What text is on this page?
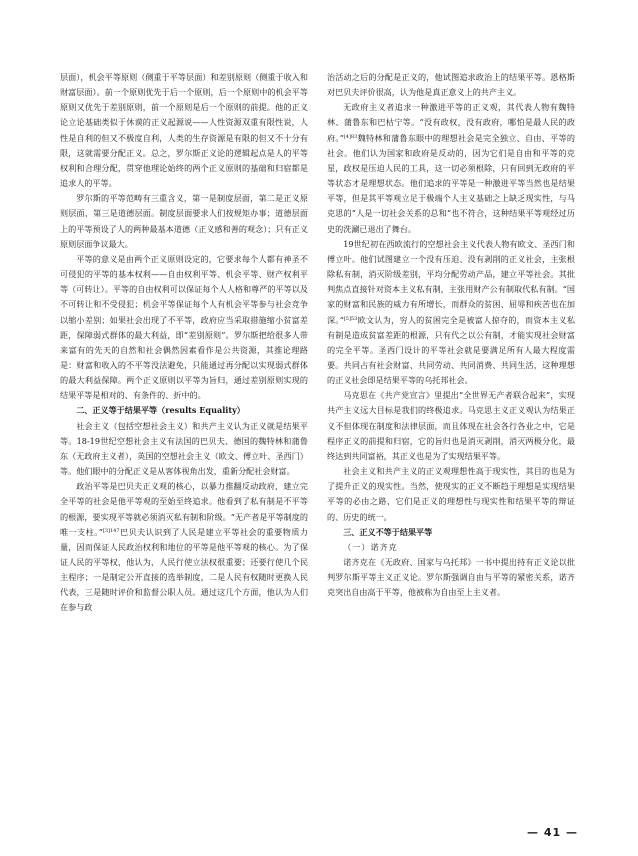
层面），机会平等原则（侧重于平等层面）和差别原则（侧重于收入和财富层面）。前一个原则优先于后一个原则，后一个原则中的机会平等原则又优先于差别原则，前一个原则是后一个原则的前提。他的正义论立论基础类似于休谟的正义起源说——人性资源双重有限性说，人性是自利的但又不极度自利，人类的生存资源是有限的但又不十分有限，这就需要分配正义。总之，罗尔斯正义论的逻辑起点是人的平等权利和合理分配，贯穿他理论始终的两个正义原则的基础和归宿都是追求人的平等。

罗尔斯的平等范畴有三重含义，第一是制度层面，第二是正义原则层面，第三是道德层面。制度层面要求人们按规矩办事；道德层面上的平等预设了人的两种最基本道德（正义感和善的观念）；只有正义原则层面争议最大。

平等的意义是由两个正义原则设定的，它要求每个人都有神圣不可侵犯的平等的基本权利——自由权利平等、机会平等、财产权利平等（可转让）。平等的自由权利可以保证每个人人格和尊严的平等以及不可转让和不受侵犯；机会平等保证每个人有机会平等参与社会竞争以缩小差别；如果社会出现了不平等，政府应当采取措施缩小贫富差距，保障弱式群体的最大利益，即“差别原则”。罗尔斯把给很多人带来富有的先天的自然和社会偶然因素看作是公共资源，其推论理路是：财富和收入的不平等没法避免，只能通过再分配以实现弱式群体的最大利益保障。两个正义原则以平等为旨归，通过差别原则实现的结果平等是相对的、有条件的、折中的。

二、正义等于结果平等（results Equality）

社会主义（包括空想社会主义）和共产主义认为正义就是结果平等。18-19世纪空想社会主义有法国的巴贝夫、德国的魏特林和蒲鲁东（无政府主义者），英国的空想社会主义（欧文、傅立叶、圣西门）等。他们眼中的分配正义是从客体视角出发，重新分配社会财富。

政治平等是巴贝夫正义观的核心，以暴力推翻反动政府，建立完全平等的社会是他平等观的至始至终追求。他看到了私有制是不平等的根源，要实现平等就必须消灭私有制和阶级。“无产者是平等制度的唯一支柱。”$^{[3]147}$巴贝夫认识到了人民是建立平等社会的重要物质力量，因而保证人民政治权利和地位的平等是他平等观的核心。为了保证人民的平等权，他认为，人民行使立法权很重要；还要行使几个民主程序；一是制定公开直接的选举制度，二是人民有权随时更换人民代表，三是随时评价和监督公职人员。通过这几个方面，他认为人们在参与政

治活动之后的分配是正义的，他试图追求政治上的结果平等。恩格斯对巴贝夫评价很高，认为他是真正意义上的共产主义。

无政府主义者追求一种激进平等的正义观，其代表人物有魏特林、蒲鲁东和巴枯宁等。“没有政权，没有政府，哪怕是最人民的政府。”$^{[4]83}$魏特林和蒲鲁东眼中的理想社会是完全独立、自由、平等的社会。他们认为国家和政府是反动的，因为它们是自由和平等的克星，政权是压迫人民的工具，这一切必须根除，只有回到无政府的平等状态才是理想状态。他们追求的平等是一种激进平等当然也是结果平等，但是其平等观立足于极端个人主义基础之上缺乏现实性，与马克思的“人是一切社会关系的总和”也不符合，这种结果平等观经过历史的洗涮已退出了舞台。

19世纪初在西欧流行的空想社会主义代表人物有欧文、圣西门和傅立叶。他们试图建立一个没有压迫、没有剥削的正义社会，主张根除私有制，消灭阶级差别，平均分配劳动产品，建立平等社会。其批判焦点直接针对资本主义私有制，主张用财产公有制取代私有制。“国家的财富和民族的威力有所增长，而群众的贫困、屈辱和疾苦也在加深。”$^{[5]53}$欧文认为，穷人的贫困完全是被富人掠夺的，而资本主义私有制是造成贫富差距的根源，只有代之以公有制，才能实现社会财富的完全平等。圣西门设计的平等社会就是要满足所有人最大程度需要。共同占有社会财富、共同劳动、共同消费、共同生活，这种理想的正义社会即是结果平等的乌托邦社会。

马克思在《共产党宣言》里提出“全世界无产者联合起来”，实现共产主义远大目标是我们的终极追求。马克思主义正义观认为结果正义不但体现在制度和法律层面，而且体现在社会各行各业之中，它是程序正义的前提和归宿，它的旨归也是消灭剥削，消灭两极分化，最终达到共同富裕，其正义也是为了实现结果平等。

社会主义和共产主义的正义观理想性高于现实性，其目的也是为了提升正义的现实性。当然，使现实的正义不断趋于理想是实现结果平等的必由之路，它们是正义的理想性与现实性和结果平等的辩证的、历史的统一。

三、正义不等于结果平等
（一）诺齐克

诺齐克在《无政府、国家与乌托邦》一书中提出持有正义论以批判罗尔斯平等主义正义论。罗尔斯强调自由与平等的紧密关系，诺齐克突出自由高于平等，他被称为自由至上主义者。

— 41 —
